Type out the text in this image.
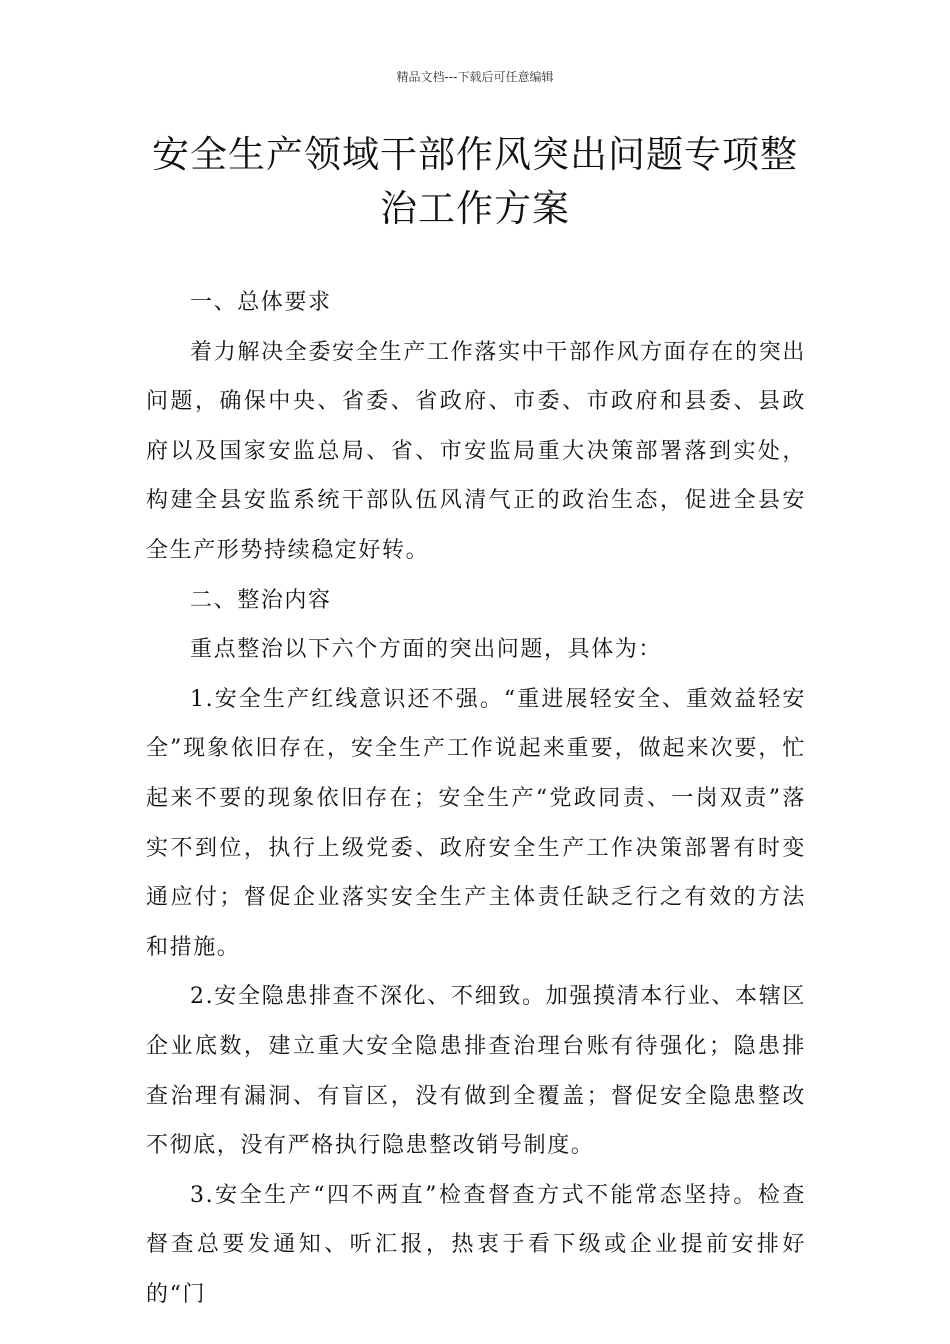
精品文档---下载后可任意编辑
安全生产领域干部作风突出问题专项整治工作方案

一、总体要求

着力解决全委安全生产工作落实中干部作风方面存在的突出问题，确保中央、省委、省政府、市委、市政府和县委、县政府以及国家安监总局、省、市安监局重大决策部署落到实处，构建全县安监系统干部队伍风清气正的政治生态，促进全县安全生产形势持续稳定好转。

二、整治内容

重点整治以下六个方面的突出问题，具体为：

1.安全生产红线意识还不强。“重进展轻安全、重效益轻安全”现象依旧存在，安全生产工作说起来重要，做起来次要，忙起来不要的现象依旧存在；安全生产“党政同责、一岗双责”落实不到位，执行上级党委、政府安全生产工作决策部署有时变通应付；督促企业落实安全生产主体责任缺乏行之有效的方法和措施。

2.安全隐患排查不深化、不细致。加强摸清本行业、本辖区企业底数，建立重大安全隐患排查治理台账有待强化；隐患排查治理有漏洞、有盲区，没有做到全覆盖；督促安全隐患整改不彻底，没有严格执行隐患整改销号制度。

3.安全生产“四不两直”检查督查方式不能常态坚持。检查督查总要发通知、听汇报，热衷于看下级或企业提前安排好的“门
